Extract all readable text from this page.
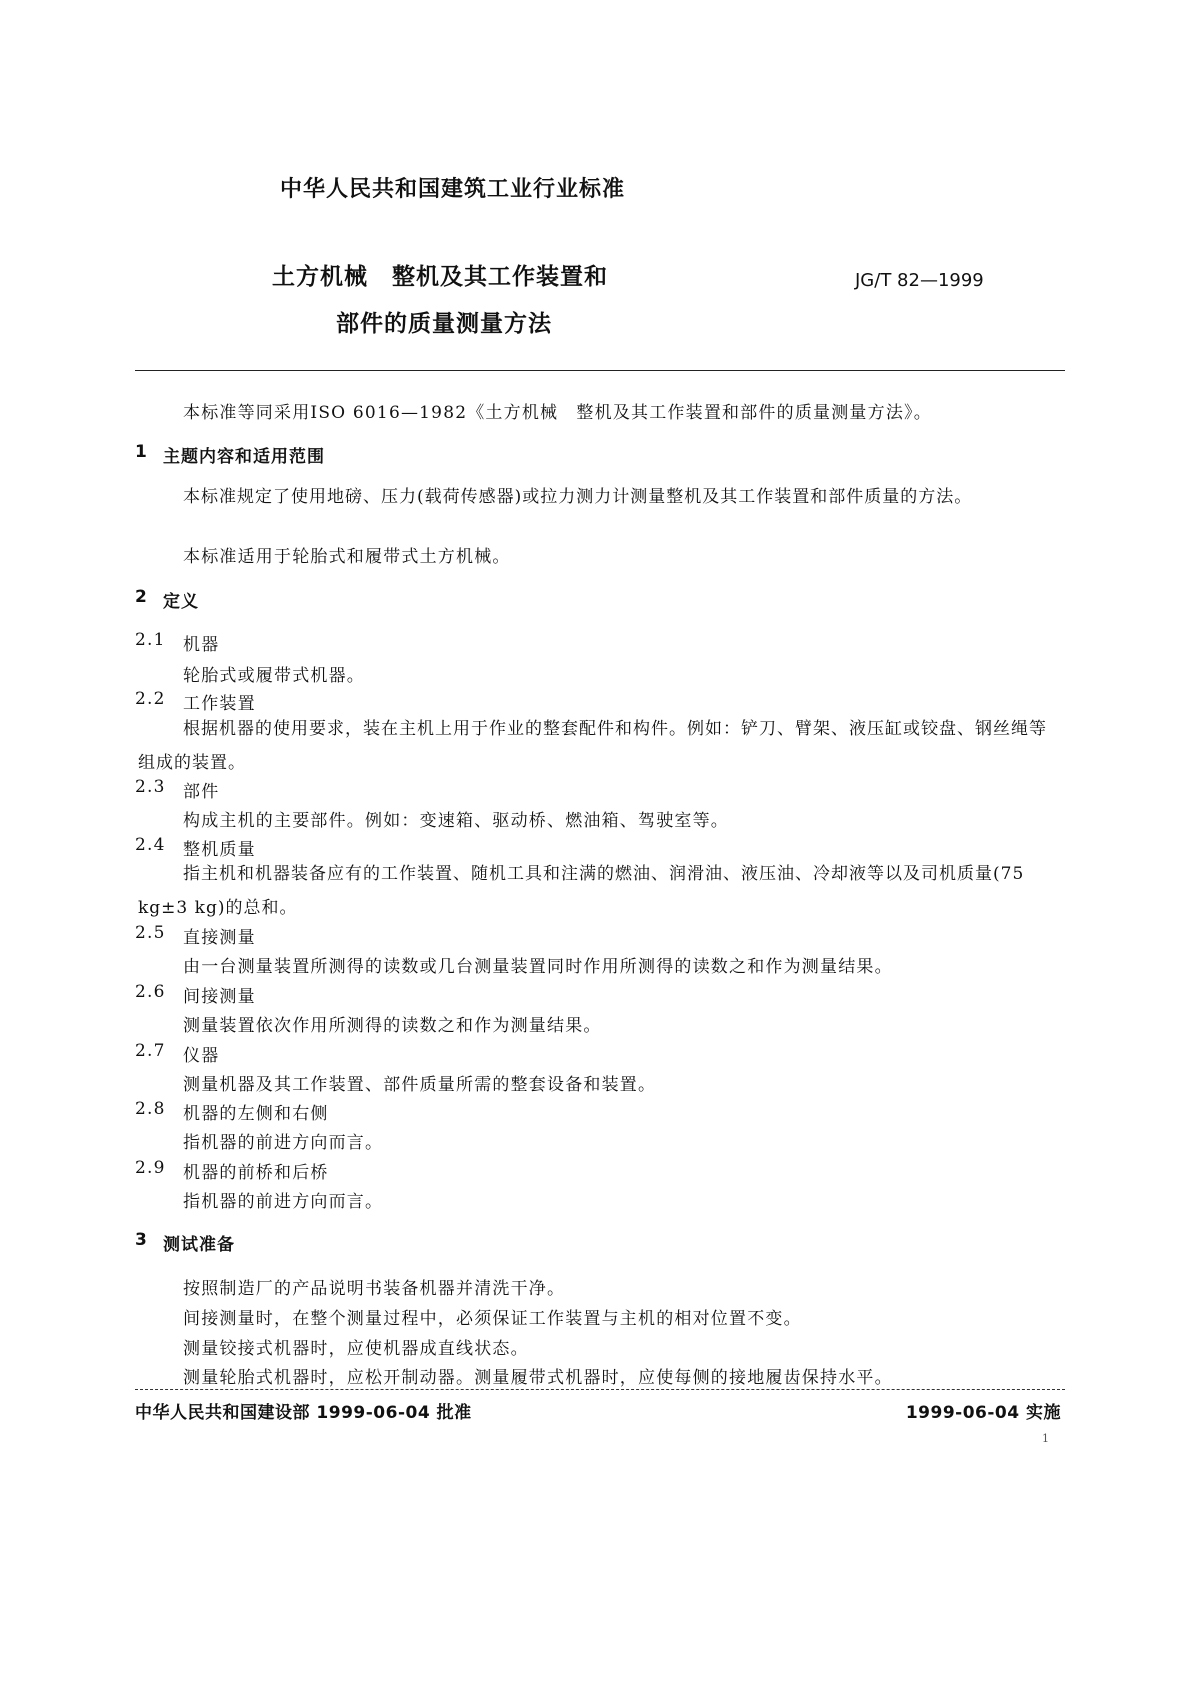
中华人民共和国建筑工业行业标准
土方机械　整机及其工作装置和
部件的质量测量方法
JG/T 82—1999
本标准等同采用ISO 6016—1982《土方机械　整机及其工作装置和部件的质量测量方法》。
1 主题内容和适用范围
本标准规定了使用地磅、压力(载荷传感器)或拉力测力计测量整机及其工作装置和部件质量的方法。
本标准适用于轮胎式和履带式土方机械。
2 定义
2.1 机器
轮胎式或履带式机器。
2.2 工作装置
根据机器的使用要求，装在主机上用于作业的整套配件和构件。例如：铲刀、臂架、液压缸或铰盘、钢丝绳等组成的装置。
2.3 部件
构成主机的主要部件。例如：变速箱、驱动桥、燃油箱、驾驶室等。
2.4 整机质量
指主机和机器装备应有的工作装置、随机工具和注满的燃油、润滑油、液压油、冷却液等以及司机质量(75 kg±3 kg)的总和。
2.5 直接测量
由一台测量装置所测得的读数或几台测量装置同时作用所测得的读数之和作为测量结果。
2.6 间接测量
测量装置依次作用所测得的读数之和作为测量结果。
2.7 仪器
测量机器及其工作装置、部件质量所需的整套设备和装置。
2.8 机器的左侧和右侧
指机器的前进方向而言。
2.9 机器的前桥和后桥
指机器的前进方向而言。
3 测试准备
按照制造厂的产品说明书装备机器并清洗干净。
间接测量时，在整个测量过程中，必须保证工作装置与主机的相对位置不变。
测量铰接式机器时，应使机器成直线状态。
测量轮胎式机器时，应松开制动器。测量履带式机器时，应使每侧的接地履齿保持水平。
中华人民共和国建设部 1999-06-04 批准	1999-06-04 实施
1
